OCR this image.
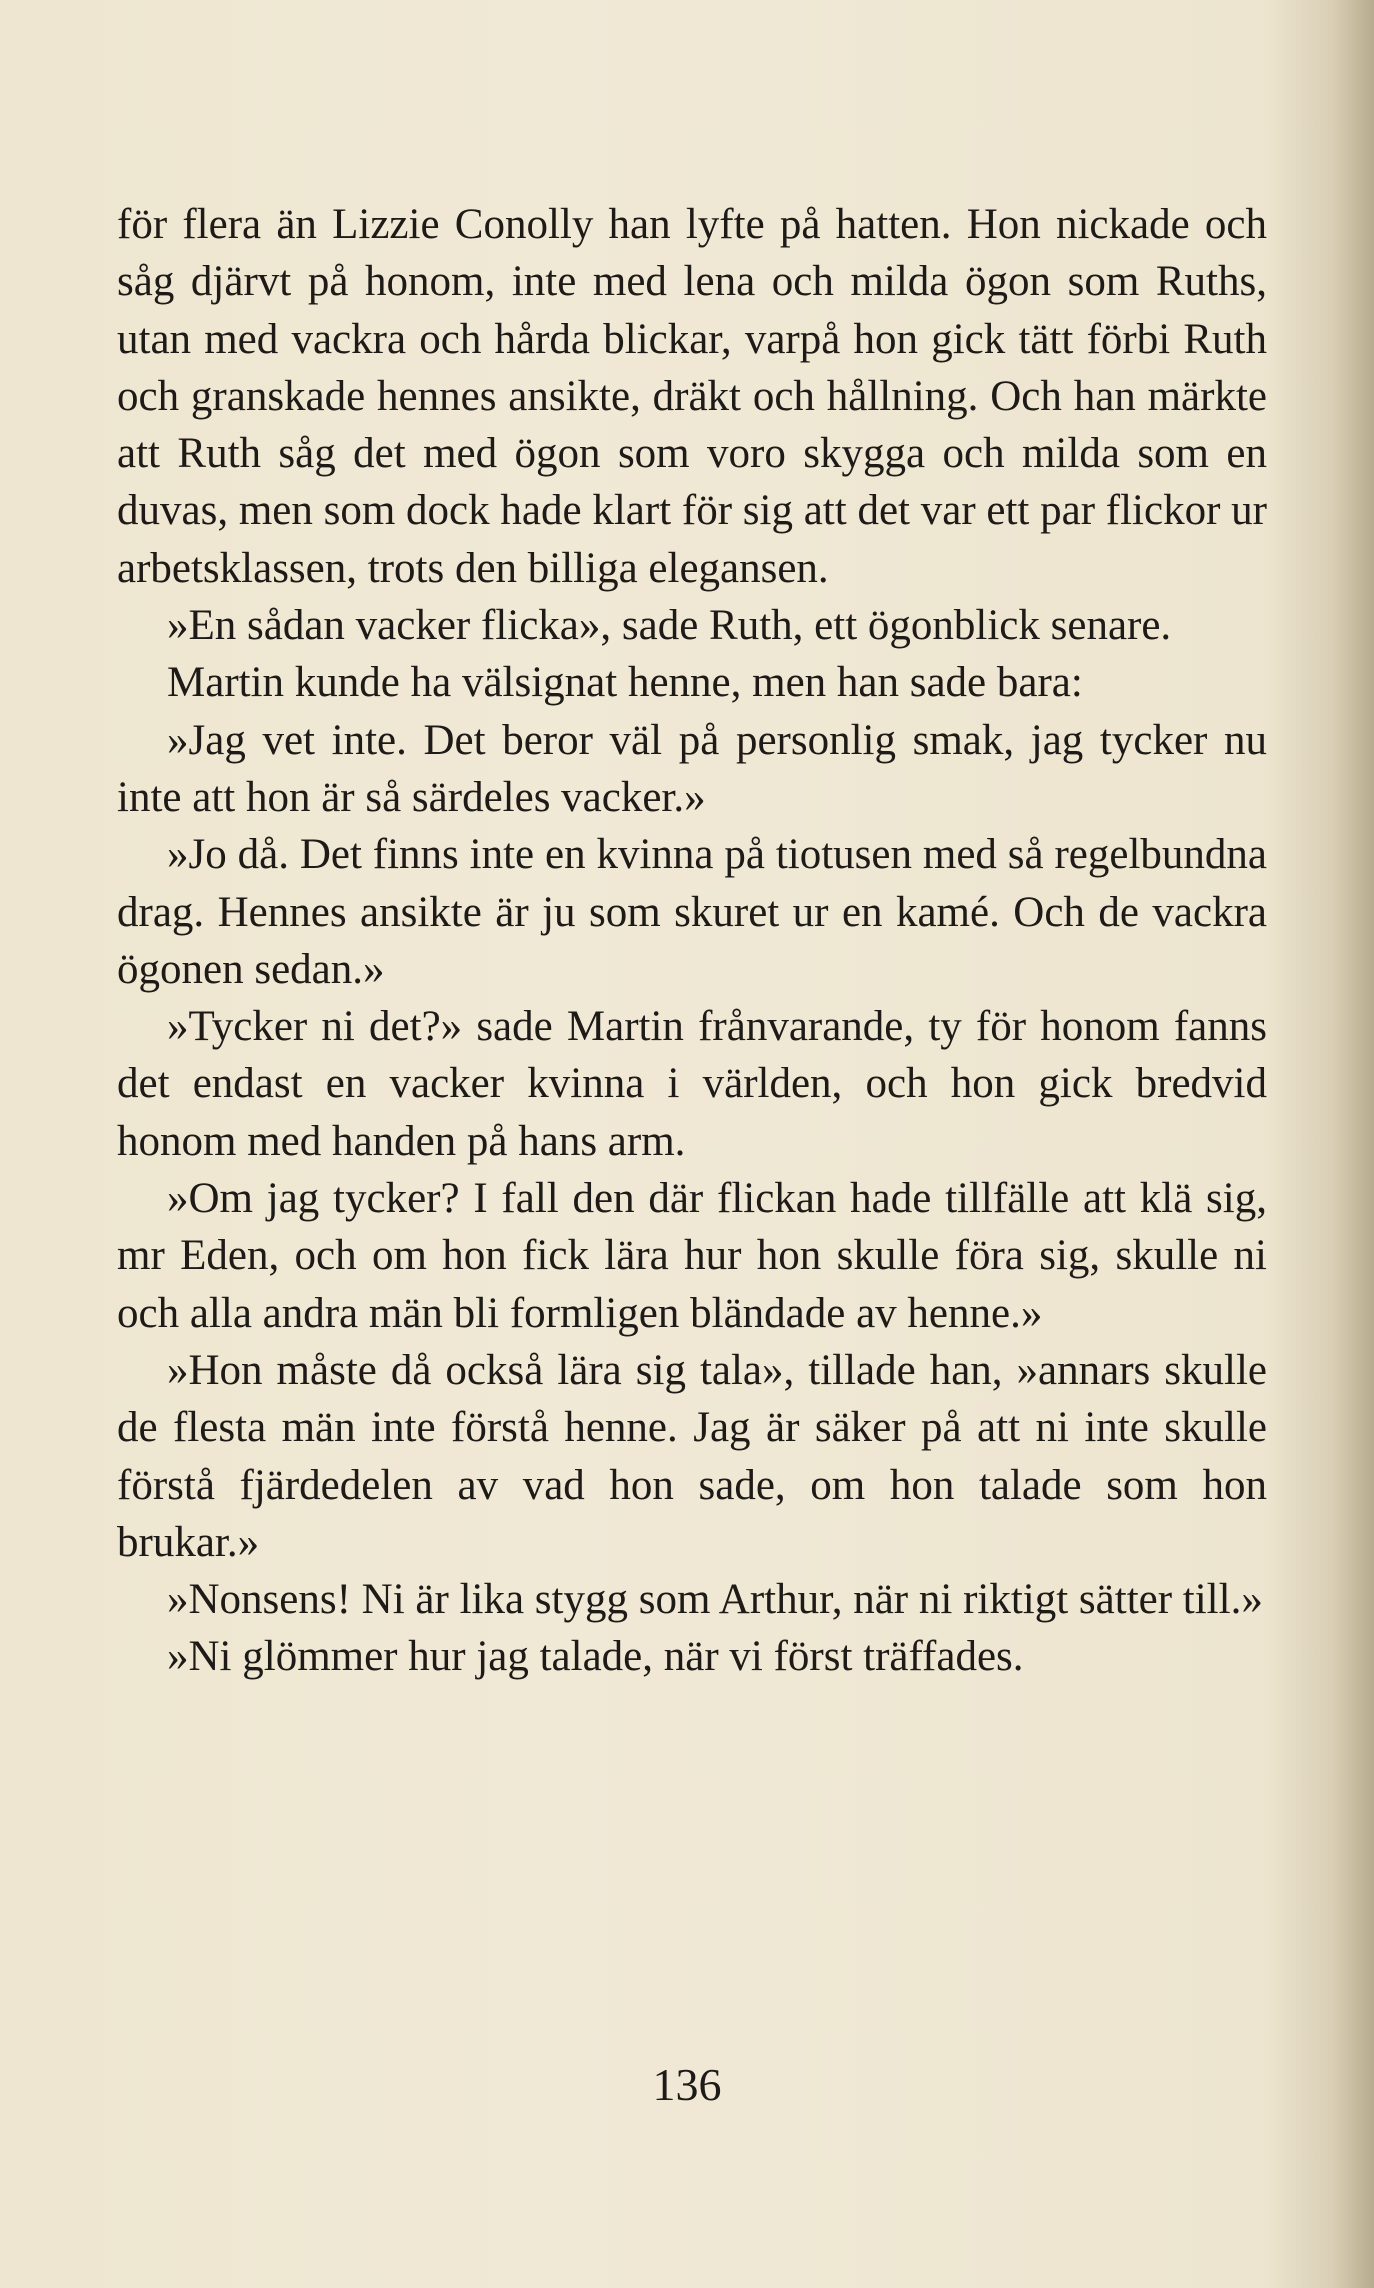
för flera än Lizzie Conolly han lyfte på hatten. Hon nickade och såg djärvt på honom, inte med lena och milda ögon som Ruths, utan med vackra och hårda blickar, varpå hon gick tätt förbi Ruth och granskade hennes ansikte, dräkt och hållning. Och han märkte att Ruth såg det med ögon som voro skygga och milda som en duvas, men som dock hade klart för sig att det var ett par flickor ur arbetsklassen, trots den billiga elegansen.

»En sådan vacker flicka», sade Ruth, ett ögonblick senare.

Martin kunde ha välsignat henne, men han sade bara:

»Jag vet inte. Det beror väl på personlig smak, jag tycker nu inte att hon är så särdeles vacker.»

»Jo då. Det finns inte en kvinna på tiotusen med så regelbundna drag. Hennes ansikte är ju som skuret ur en kamé. Och de vackra ögonen sedan.»

»Tycker ni det?» sade Martin frånvarande, ty för honom fanns det endast en vacker kvinna i världen, och hon gick bredvid honom med handen på hans arm.

»Om jag tycker? I fall den där flickan hade tillfälle att klä sig, mr Eden, och om hon fick lära hur hon skulle föra sig, skulle ni och alla andra män bli formligen bländade av henne.»

»Hon måste då också lära sig tala», tillade han, »annars skulle de flesta män inte förstå henne. Jag är säker på att ni inte skulle förstå fjärdedelen av vad hon sade, om hon talade som hon brukar.»

»Nonsens! Ni är lika stygg som Arthur, när ni riktigt sätter till.»

»Ni glömmer hur jag talade, när vi först träffades.

136
